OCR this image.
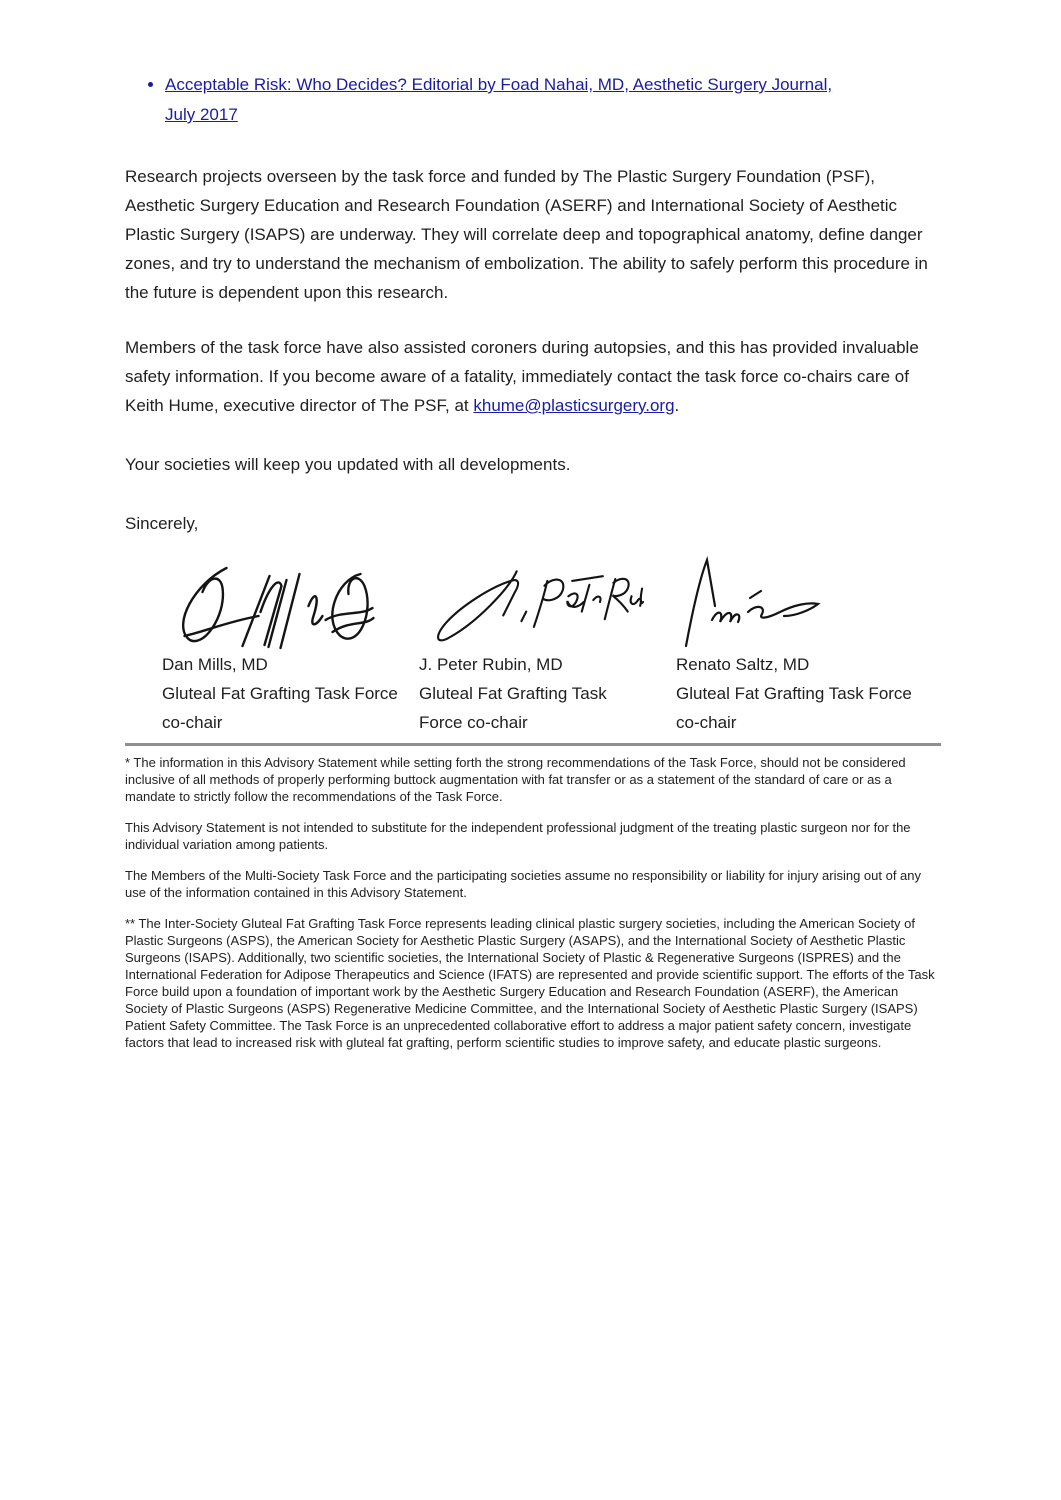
• Acceptable Risk: Who Decides? Editorial by Foad Nahai, MD, Aesthetic Surgery Journal,
July 2017

Research projects overseen by the task force and funded by The Plastic Surgery Foundation (PSF), Aesthetic Surgery Education and Research Foundation (ASERF) and International Society of Aesthetic Plastic Surgery (ISAPS) are underway. They will correlate deep and topographical anatomy, define danger zones, and try to understand the mechanism of embolization. The ability to safely perform this procedure in the future is dependent upon this research.

Members of the task force have also assisted coroners during autopsies, and this has provided invaluable safety information. If you become aware of a fatality, immediately contact the task force co-chairs care of Keith Hume, executive director of The PSF, at khume@plasticsurgery.org.

Your societies will keep you updated with all developments.

Sincerely,

Dan Mills, MD
Gluteal Fat Grafting Task Force
co-chair
J. Peter Rubin, MD
Gluteal Fat Grafting Task
Force co-chair
Renato Saltz, MD
Gluteal Fat Grafting Task Force
co-chair

* The information in this Advisory Statement while setting forth the strong recommendations of the Task Force, should not be considered inclusive of all methods of properly performing buttock augmentation with fat transfer or as a statement of the standard of care or as a mandate to strictly follow the recommendations of the Task Force.

This Advisory Statement is not intended to substitute for the independent professional judgment of the treating plastic surgeon nor for the individual variation among patients.

The Members of the Multi-Society Task Force and the participating societies assume no responsibility or liability for injury arising out of any use of the information contained in this Advisory Statement.

** The Inter-Society Gluteal Fat Grafting Task Force represents leading clinical plastic surgery societies, including the American Society of Plastic Surgeons (ASPS), the American Society for Aesthetic Plastic Surgery (ASAPS), and the International Society of Aesthetic Plastic Surgeons (ISAPS). Additionally, two scientific societies, the International Society of Plastic & Regenerative Surgeons (ISPRES) and the International Federation for Adipose Therapeutics and Science (IFATS) are represented and provide scientific support. The efforts of the Task Force build upon a foundation of important work by the Aesthetic Surgery Education and Research Foundation (ASERF), the American Society of Plastic Surgeons (ASPS) Regenerative Medicine Committee, and the International Society of Aesthetic Plastic Surgery (ISAPS) Patient Safety Committee. The Task Force is an unprecedented collaborative effort to address a major patient safety concern, investigate factors that lead to increased risk with gluteal fat grafting, perform scientific studies to improve safety, and educate plastic surgeons.
